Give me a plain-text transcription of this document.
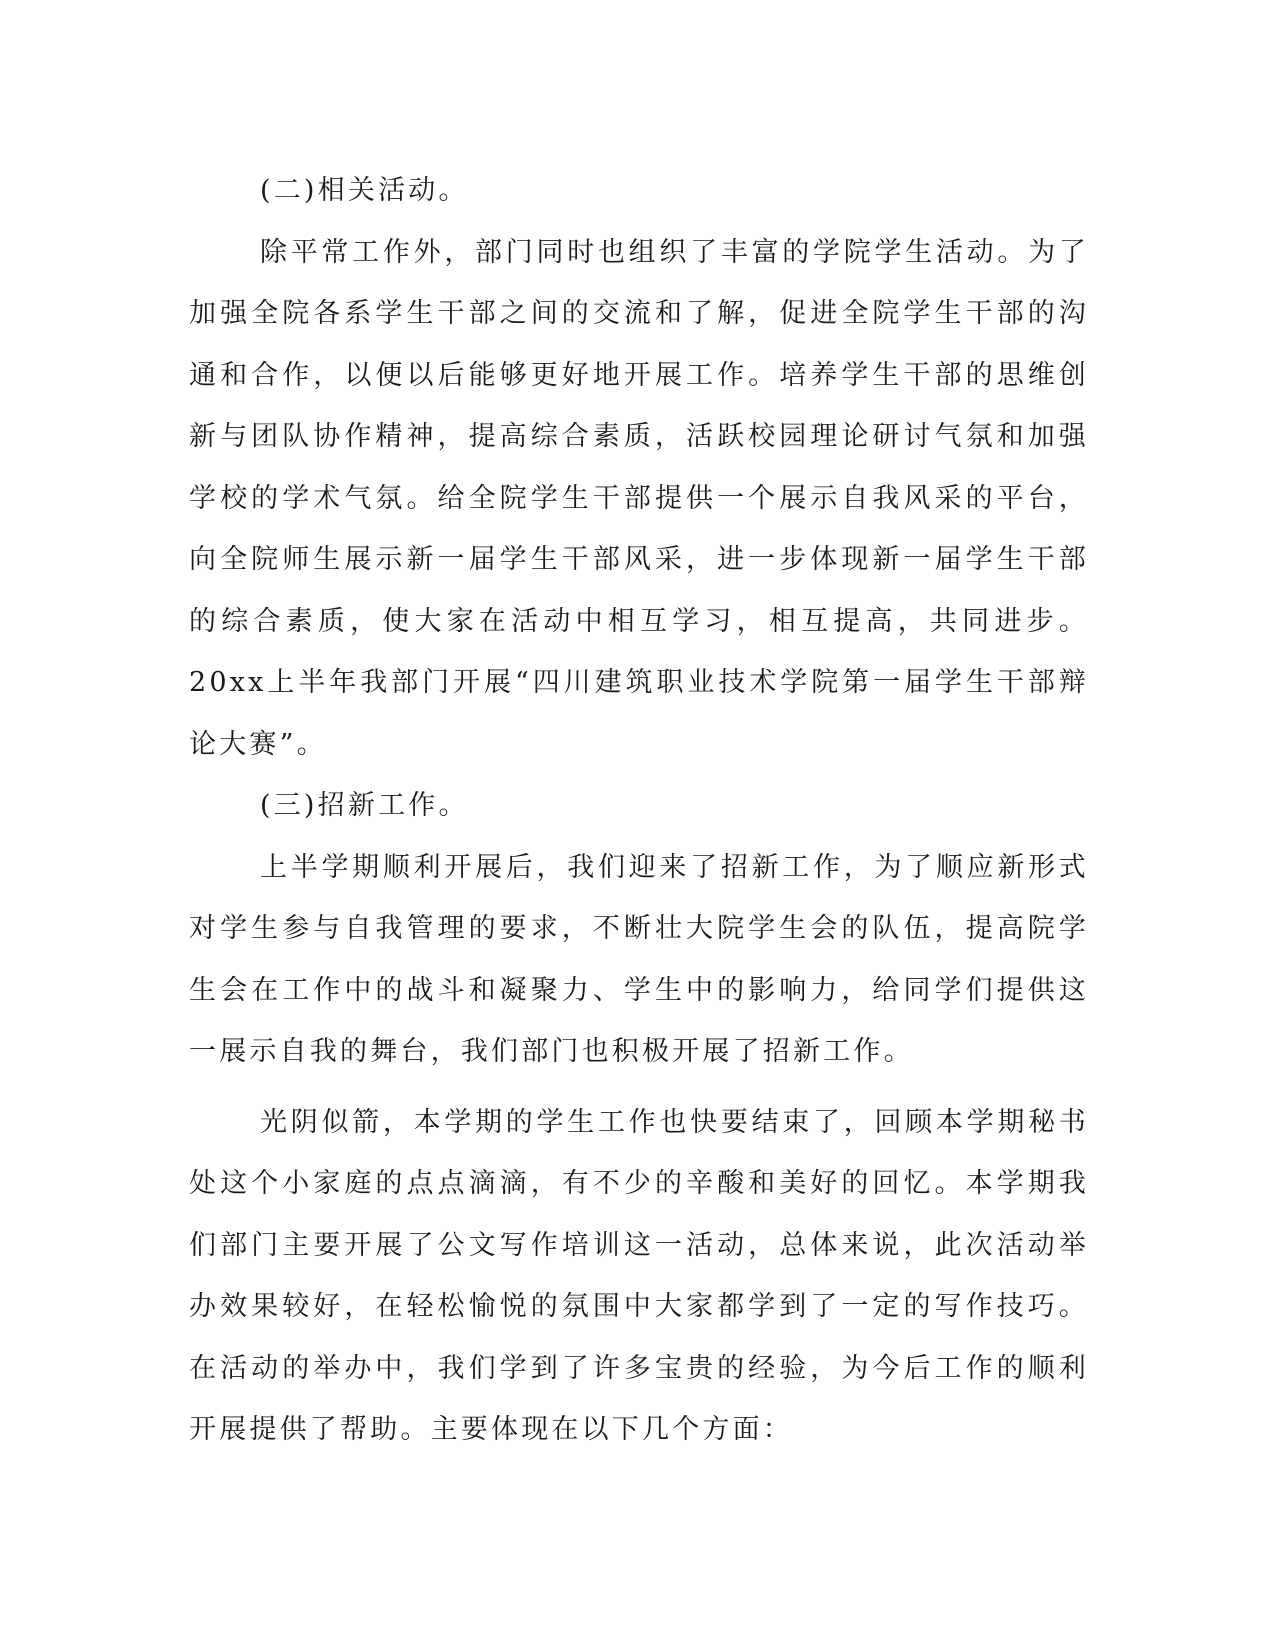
(二)相关活动。

除平常工作外，部门同时也组织了丰富的学院学生活动。为了加强全院各系学生干部之间的交流和了解，促进全院学生干部的沟通和合作，以便以后能够更好地开展工作。培养学生干部的思维创新与团队协作精神，提高综合素质，活跃校园理论研讨气氛和加强学校的学术气氛。给全院学生干部提供一个展示自我风采的平台，向全院师生展示新一届学生干部风采，进一步体现新一届学生干部的综合素质，使大家在活动中相互学习，相互提高，共同进步。20xx上半年我部门开展“四川建筑职业技术学院第一届学生干部辩论大赛”。

(三)招新工作。

上半学期顺利开展后，我们迎来了招新工作，为了顺应新形式对学生参与自我管理的要求，不断壮大院学生会的队伍，提高院学生会在工作中的战斗和凝聚力、学生中的影响力，给同学们提供这一展示自我的舞台，我们部门也积极开展了招新工作。

光阴似箭，本学期的学生工作也快要结束了，回顾本学期秘书处这个小家庭的点点滴滴，有不少的辛酸和美好的回忆。本学期我们部门主要开展了公文写作培训这一活动，总体来说，此次活动举办效果较好，在轻松愉悦的氛围中大家都学到了一定的写作技巧。在活动的举办中，我们学到了许多宝贵的经验，为今后工作的顺利开展提供了帮助。主要体现在以下几个方面：
